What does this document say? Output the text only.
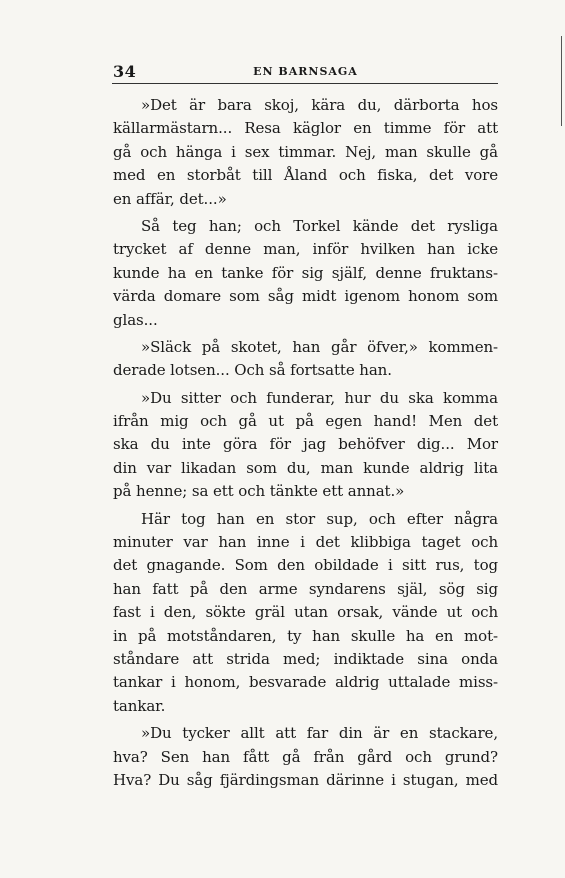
34	EN BARNSAGA
»Det är bara skoj, kära du, därborta hos
källarmästarn... Resa käglor en timme för att
gå och hänga i sex timmar. Nej, man skulle gå
med en storbåt till Åland och fiska, det vore
en affär, det...»
Så teg han; och Torkel kände det rysliga
trycket af denne man, inför hvilken han icke
kunde ha en tanke för sig själf, denne fruktans-
värda domare som såg midt igenom honom som
glas...
»Släck på skotet, han går öfver,» kommen-
derade lotsen... Och så fortsatte han.
»Du sitter och funderar, hur du ska komma
ifrån mig och gå ut på egen hand! Men det
ska du inte göra för jag behöfver dig... Mor
din var likadan som du, man kunde aldrig lita
på henne; sa ett och tänkte ett annat.»
Här tog han en stor sup, och efter några
minuter var han inne i det klibbiga taget och
det gnagande. Som den obildade i sitt rus, tog
han fatt på den arme syndarens själ, sög sig
fast i den, sökte gräl utan orsak, vände ut och
in på motståndaren, ty han skulle ha en mot-
ståndare att strida med; indiktade sina onda
tankar i honom, besvarade aldrig uttalade miss-
tankar.
»Du tycker allt att far din är en stackare,
hva? Sen han fått gå från gård och grund?
Hva? Du såg fjärdingsman därinne i stugan, med
